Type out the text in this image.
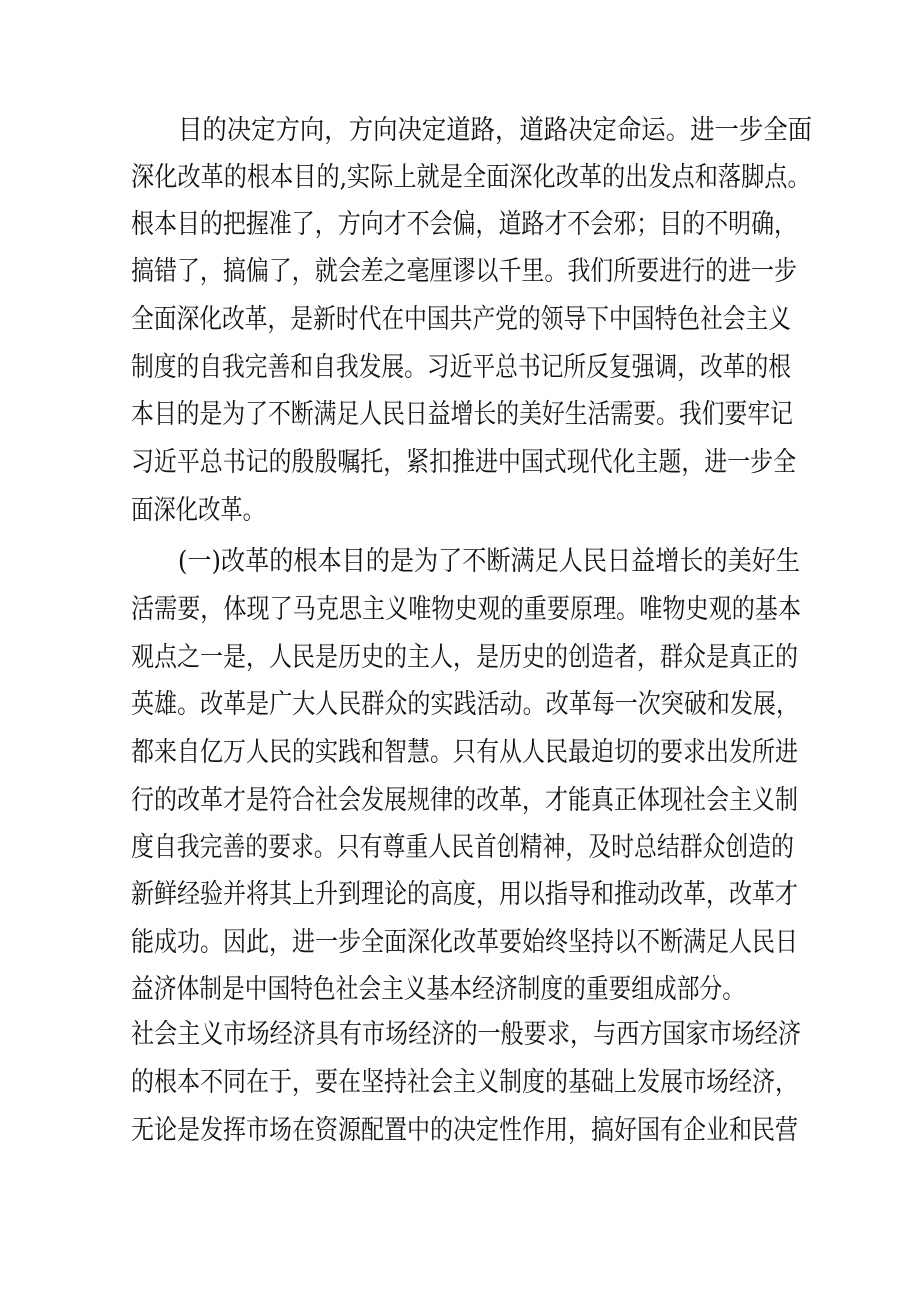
目的决定方向，方向决定道路，道路决定命运。进一步全面
深化改革的根本目的,实际上就是全面深化改革的出发点和落脚点。
根本目的把握准了，方向才不会偏，道路才不会邪；目的不明确，
搞错了，搞偏了，就会差之毫厘谬以千里。我们所要进行的进一步
全面深化改革，是新时代在中国共产党的领导下中国特色社会主义
制度的自我完善和自我发展。习近平总书记所反复强调，改革的根
本目的是为了不断满足人民日益增长的美好生活需要。我们要牢记
习近平总书记的殷殷嘱托，紧扣推进中国式现代化主题，进一步全
面深化改革。
(一)改革的根本目的是为了不断满足人民日益增长的美好生
活需要，体现了马克思主义唯物史观的重要原理。唯物史观的基本
观点之一是，人民是历史的主人，是历史的创造者，群众是真正的
英雄。改革是广大人民群众的实践活动。改革每一次突破和发展，
都来自亿万人民的实践和智慧。只有从人民最迫切的要求出发所进
行的改革才是符合社会发展规律的改革，才能真正体现社会主义制
度自我完善的要求。只有尊重人民首创精神，及时总结群众创造的
新鲜经验并将其上升到理论的高度，用以指导和推动改革，改革才
能成功。因此，进一步全面深化改革要始终坚持以不断满足人民日
益济体制是中国特色社会主义基本经济制度的重要组成部分。
社会主义市场经济具有市场经济的一般要求，与西方国家市场经济
的根本不同在于，要在坚持社会主义制度的基础上发展市场经济，
无论是发挥市场在资源配置中的决定性作用，搞好国有企业和民营
